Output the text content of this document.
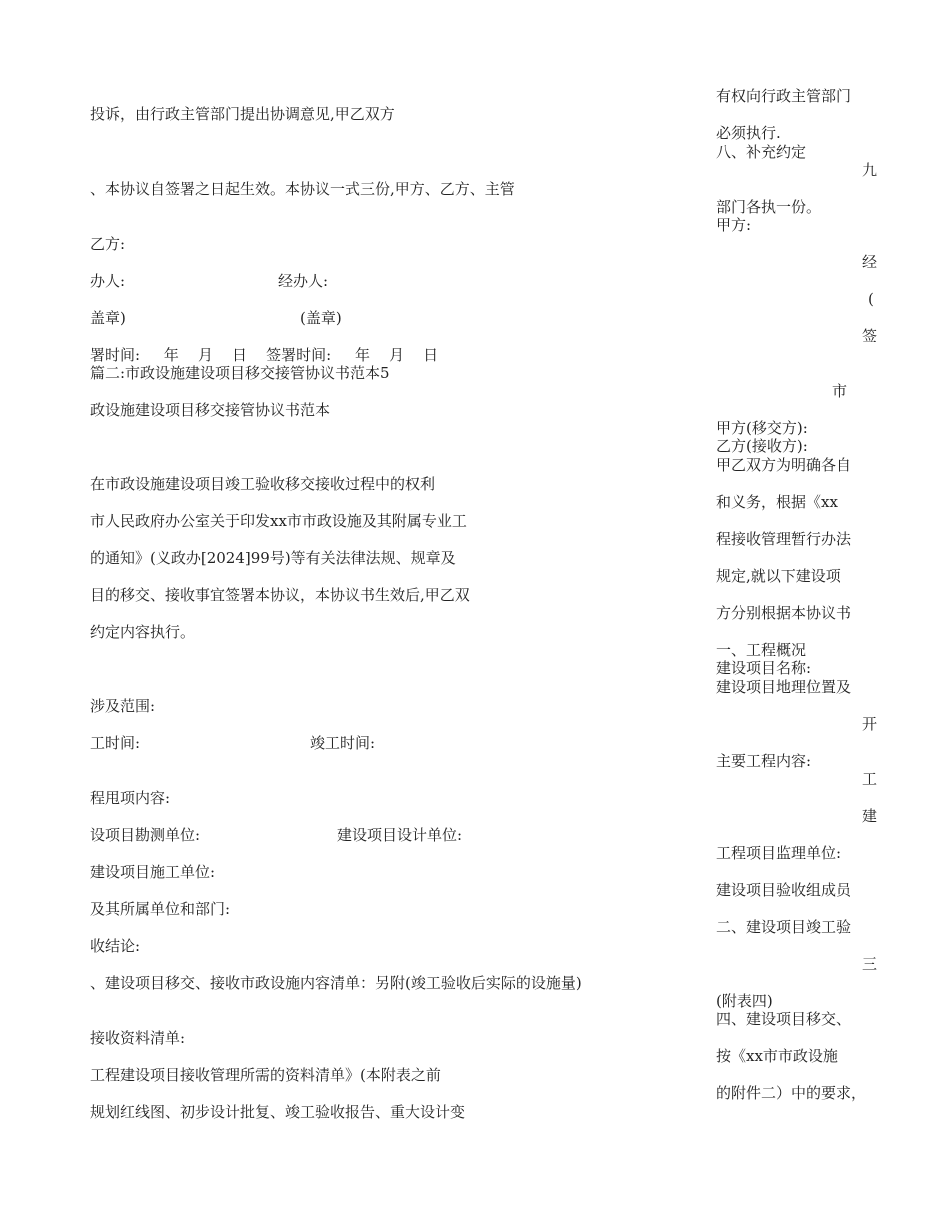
有权向行政主管部门
必须执行.
八、补充约定
九
部门各执一份。
甲方:
经
(
签
市
甲方(移交方):
乙方(接收方):
甲乙双方为明确各自
和义务，根据《xx
程接收管理暂行办法
规定,就以下建设项
方分别根据本协议书
一、工程概况
建设项目名称:
建设项目地理位置及
开
主要工程内容:
工
建
工程项目监理单位:
建设项目验收组成员
二、建设项目竣工验
三
(附表四)
四、建设项目移交、
按《xx市市政设施
的附件二）中的要求，
投诉，由行政主管部门提出协调意见,甲乙双方
、本协议自签署之日起生效。本协议一式三份,甲方、乙方、主管
乙方:
办人:	经办人:
盖章)	(盖章)
署时间:     年    月    日    签署时间:     年    月    日
篇二:市政设施建设项目移交接管协议书范本5
政设施建设项目移交接管协议书范本
在市政设施建设项目竣工验收移交接收过程中的权利
市人民政府办公室关于印发xx市市政设施及其附属专业工
的通知》(义政办[2024]99号)等有关法律法规、规章及
目的移交、接收事宜签署本协议，本协议书生效后,甲乙双
约定内容执行。
涉及范围:
工时间:	竣工时间:
程甩项内容:
设项目勘测单位:	建设项目设计单位:
建设项目施工单位:
及其所属单位和部门:
收结论:
、建设项目移交、接收市政设施内容清单：另附(竣工验收后实际的设施量)
接收资料清单:
工程建设项目接收管理所需的资料清单》(本附表之前
规划红线图、初步设计批复、竣工验收报告、重大设计变
